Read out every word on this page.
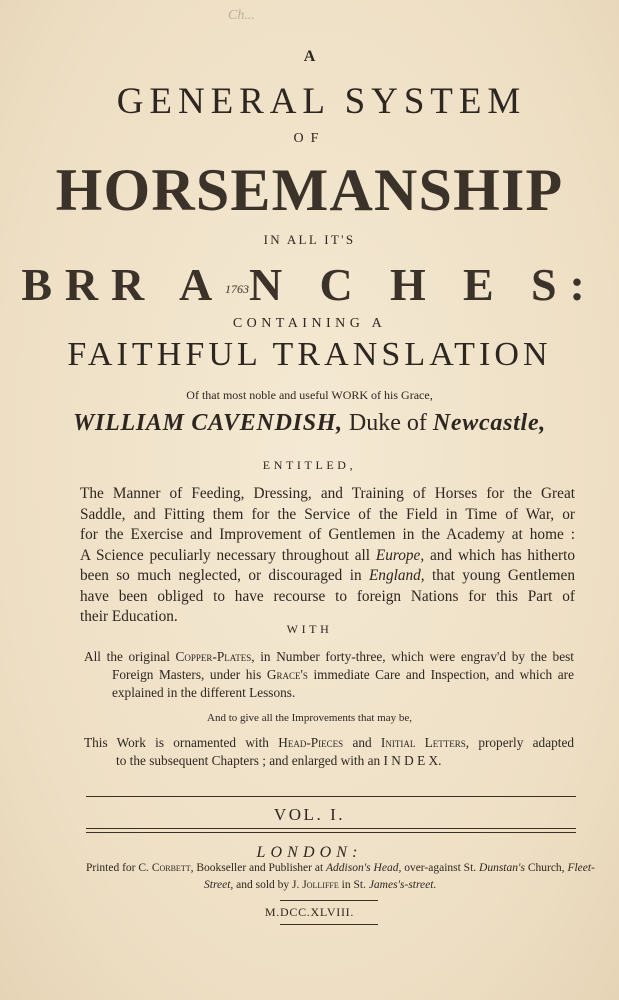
Ch...
A
GENERAL SYSTEM
OF
HORSEMANSHIP
IN ALL IT'S
BRR A1763N C H E S:
CONTAINING A
FAITHFUL TRANSLATION
Of that most noble and useful WORK of his Grace,
WILLIAM CAVENDISH, Duke of Newcastle,
ENTITLED,
The Manner of Feeding, Dressing, and Training of Horses for the Great
Saddle, and Fitting them for the Service of the Field in Time of War, or
for the Exercise and Improvement of Gentlemen in the Academy at home :
A Science peculiarly necessary throughout all Europe, and which has hitherto
been so much neglected, or discouraged in England, that young Gentlemen
have been obliged to have recourse to foreign Nations for this Part of
their Education.
WITH
All the original Copper-Plates, in Number forty-three, which were engrav'd by the best
Foreign Masters, under his Grace's immediate Care and Inspection, and which are
explained in the different Lessons.
And to give all the Improvements that may be,
This Work is ornamented with Head-Pieces and Initial Letters, properly adapted
to the subsequent Chapters ; and enlarged with an I N D E X.
VOL. I.
LONDON:
Printed for C. Corbett, Bookseller and Publisher at Addison's Head, over-against St. Dunstan's Church, Fleet-
Street, and sold by J. Jolliffe in St. James's-street.
M.DCC.XLVIII.
